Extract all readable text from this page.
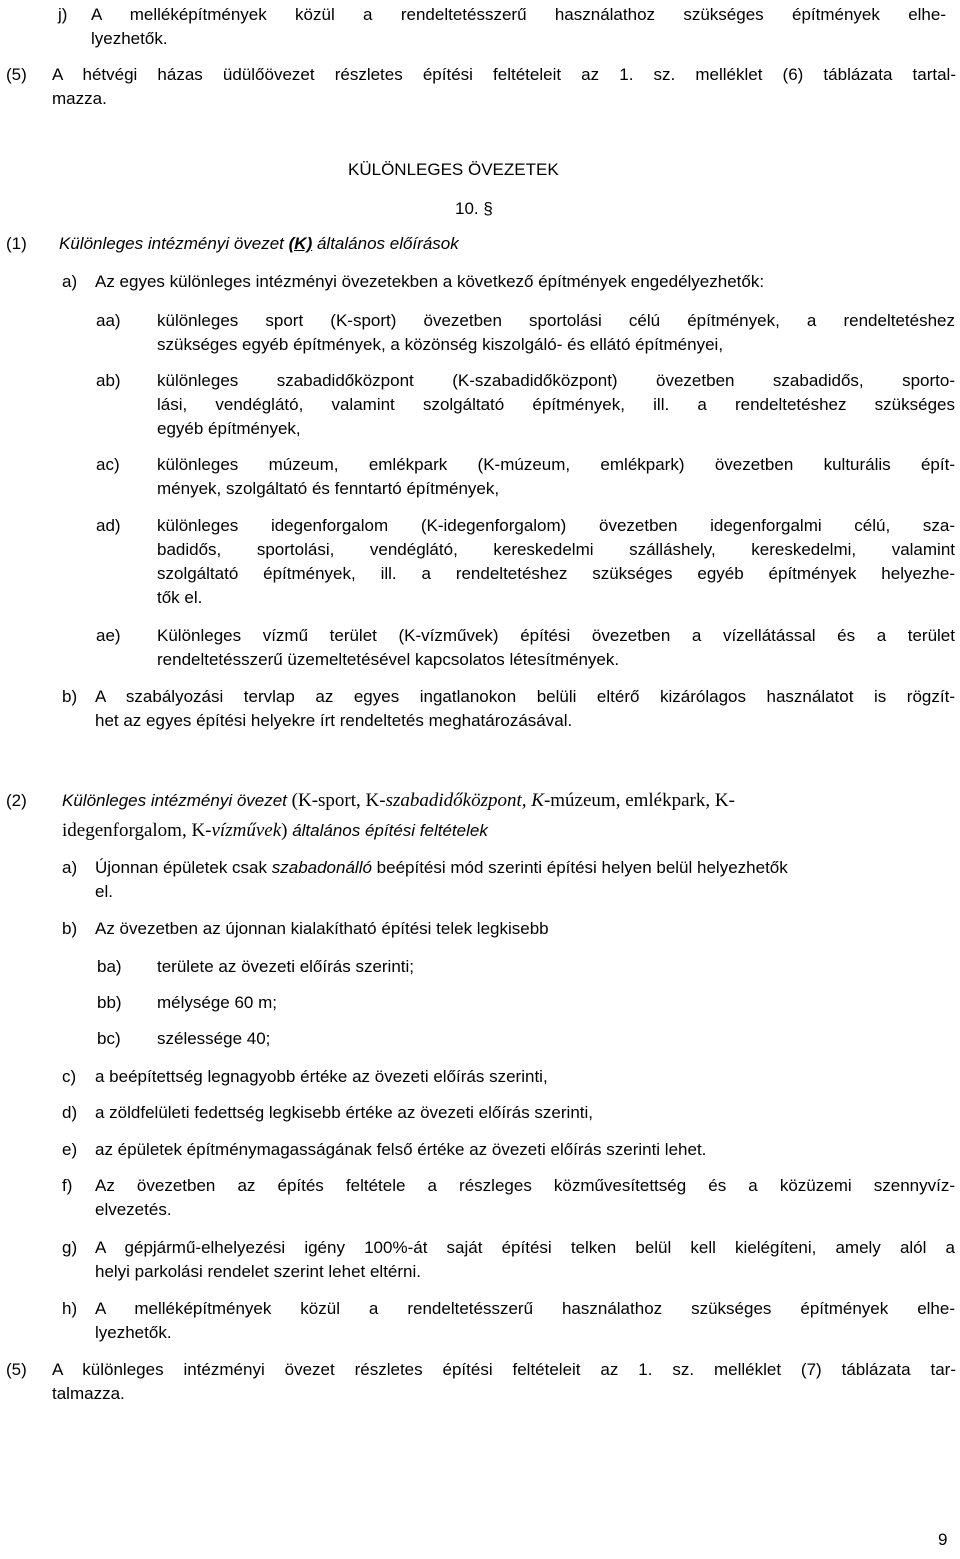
j) A melléképítmények közül a rendeltetésszerű használathoz szükséges építmények elhe-
lyezhetők.
(5) A hétvégi házas üdülőövezet részletes építési feltételeit az 1. sz. melléklet (6) táblázata tartal-
mazza.
KÜLÖNLEGES ÖVEZETEK
10. §
(1) Különleges intézményi övezet (K) általános előírások
a) Az egyes különleges intézményi övezetekben a következő építmények engedélyezhetők:
aa) különleges sport (K-sport) övezetben sportolási célú építmények, a rendeltetéshez
szükséges egyéb építmények, a közönség kiszolgáló- és ellátó építményei,
ab) különleges szabadidőközpont (K-szabadidőközpont) övezetben szabadidős, sporto-
lási, vendéglátó, valamint szolgáltató építmények, ill. a rendeltetéshez szükséges
egyéb építmények,
ac) különleges múzeum, emlékpark (K-múzeum, emlékpark) övezetben kulturális épít-
mények, szolgáltató és fenntartó építmények,
ad) különleges idegenforgalom (K-idegenforgalom) övezetben idegenforgalmi célú, sza-
badidős, sportolási, vendéglátó, kereskedelmi szálláshely, kereskedelmi, valamint
szolgáltató építmények, ill. a rendeltetéshez szükséges egyéb építmények helyezhe-
tők el.
ae) Különleges vízmű terület (K-vízművek) építési övezetben a vízellátással és a terület
rendeltetésszerű üzemeltetésével kapcsolatos létesítmények.
b) A szabályozási tervlap az egyes ingatlanokon belüli eltérő kizárólagos használatot is rögzít-
het az egyes építési helyekre írt rendeltetés meghatározásával.
(2) Különleges intézményi övezet (K-sport, K-szabadidőközpont, K-múzeum, emlékpark, K-
idegenforgalom, K-vízművek) általános építési feltételek
a) Újonnan épületek csak szabadonálló beépítési mód szerinti építési helyen belül helyezhetők
el.
b) Az övezetben az újonnan kialakítható építési telek legkisebb
ba) területe az övezeti előírás szerinti;
bb) mélysége 60 m;
bc) szélessége 40;
c) a beépítettség legnagyobb értéke az övezeti előírás szerinti,
d) a zöldfelületi fedettség legkisebb értéke az övezeti előírás szerinti,
e) az épületek építménymagasságának felső értéke az övezeti előírás szerinti lehet.
f) Az övezetben az építés feltétele a részleges közművesítettség és a közüzemi szennyvíz-
elvezetés.
g) A gépjármű-elhelyezési igény 100%-át saját építési telken belül kell kielégíteni, amely alól a
helyi parkolási rendelet szerint lehet eltérni.
h) A melléképítmények közül a rendeltetésszerű használathoz szükséges építmények elhe-
lyezhetők.
(5) A különleges intézményi övezet részletes építési feltételeit az 1. sz. melléklet (7) táblázata tar-
talmazza.
9
